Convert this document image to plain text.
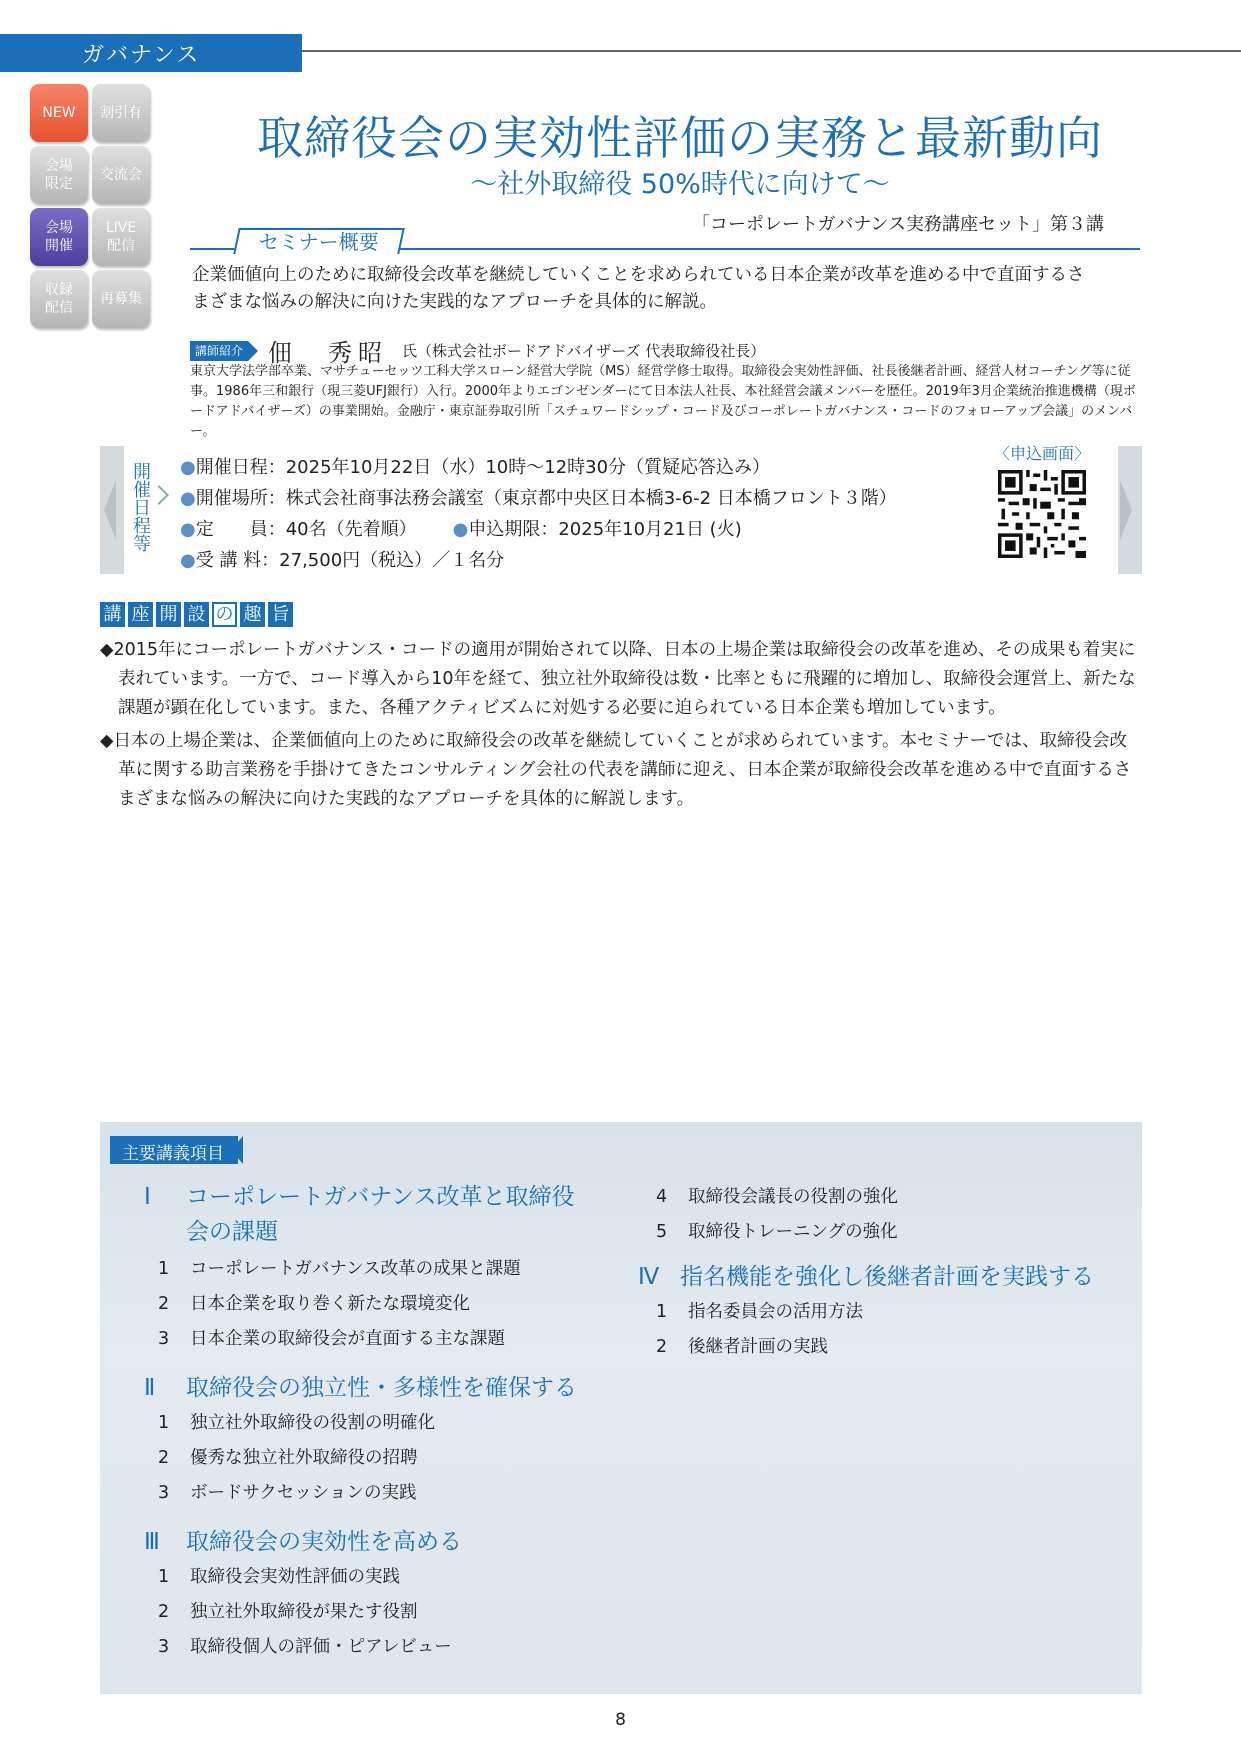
ガバナンス
NEW	割引有
会場
限定
交流会
会場
開催
LIVE
配信
収録
配信
再募集
取締役会の実効性評価の実務と最新動向
～社外取締役 50%時代に向けて～
「コーポレートガバナンス実務講座セット」第３講
セミナー概要
企業価値向上のために取締役会改革を継続していくことを求められている日本企業が改革を進める中で直面するさまざまな悩みの解決に向けた実践的なアプローチを具体的に解説。
講師紹介 佃　秀昭 氏（株式会社ボードアドバイザーズ 代表取締役社長）
東京大学法学部卒業、マサチューセッツ工科大学スローン経営大学院（MS）経営学修士取得。取締役会実効性評価、社長後継者計画、経営人材コーチング等に従事。1986年三和銀行（現三菱UFJ銀行）入行。2000年よりエゴンゼンダーにて日本法人社長、本社経営会議メンバーを歴任。2019年3月企業統治推進機構（現ボードアドバイザーズ）の事業開始。金融庁・東京証券取引所「スチュワードシップ・コード及びコーポレートガバナンス・コードのフォローアップ会議」のメンバー。
開催日程等 ●開催日程：2025年10月22日（水）10時～12時30分（質疑応答込み）
●開催場所：株式会社商事法務会議室（東京都中央区日本橋3-6-2 日本橋フロント３階）
●定　　員：40名（先着順） ●申込期限：2025年10月21日 (火)
●受 講 料：27,500円（税込）／１名分
〈申込画面〉
講 座 開 設 の 趣 旨

◆2015年にコーポレートガバナンス・コードの適用が開始されて以降、日本の上場企業は取締役会の改革を進め、その成果も着実に表れています。一方で、コード導入から10年を経て、独立社外取締役は数・比率ともに飛躍的に増加し、取締役会運営上、新たな課題が顕在化しています。また、各種アクティビズムに対処する必要に迫られている日本企業も増加しています。

◆日本の上場企業は、企業価値向上のために取締役会の改革を継続していくことが求められています。本セミナーでは、取締役会改革に関する助言業務を手掛けてきたコンサルティング会社の代表を講師に迎え、日本企業が取締役会改革を進める中で直面するさまざまな悩みの解決に向けた実践的なアプローチを具体的に解説します。

主要講義項目
Ⅰ	コーポレートガバナンス改革と取締役会の課題
1	コーポレートガバナンス改革の成果と課題
2	日本企業を取り巻く新たな環境変化
3	日本企業の取締役会が直面する主な課題
Ⅱ	取締役会の独立性・多様性を確保する
1	独立社外取締役の役割の明確化
2	優秀な独立社外取締役の招聘
3	ボードサクセッションの実践
Ⅲ	取締役会の実効性を高める
1	取締役会実効性評価の実践
2	独立社外取締役が果たす役割
3	取締役個人の評価・ピアレビュー
4	取締役会議長の役割の強化
5	取締役トレーニングの強化
Ⅳ 指名機能を強化し後継者計画を実践する
1	指名委員会の活用方法
2	後継者計画の実践
8
